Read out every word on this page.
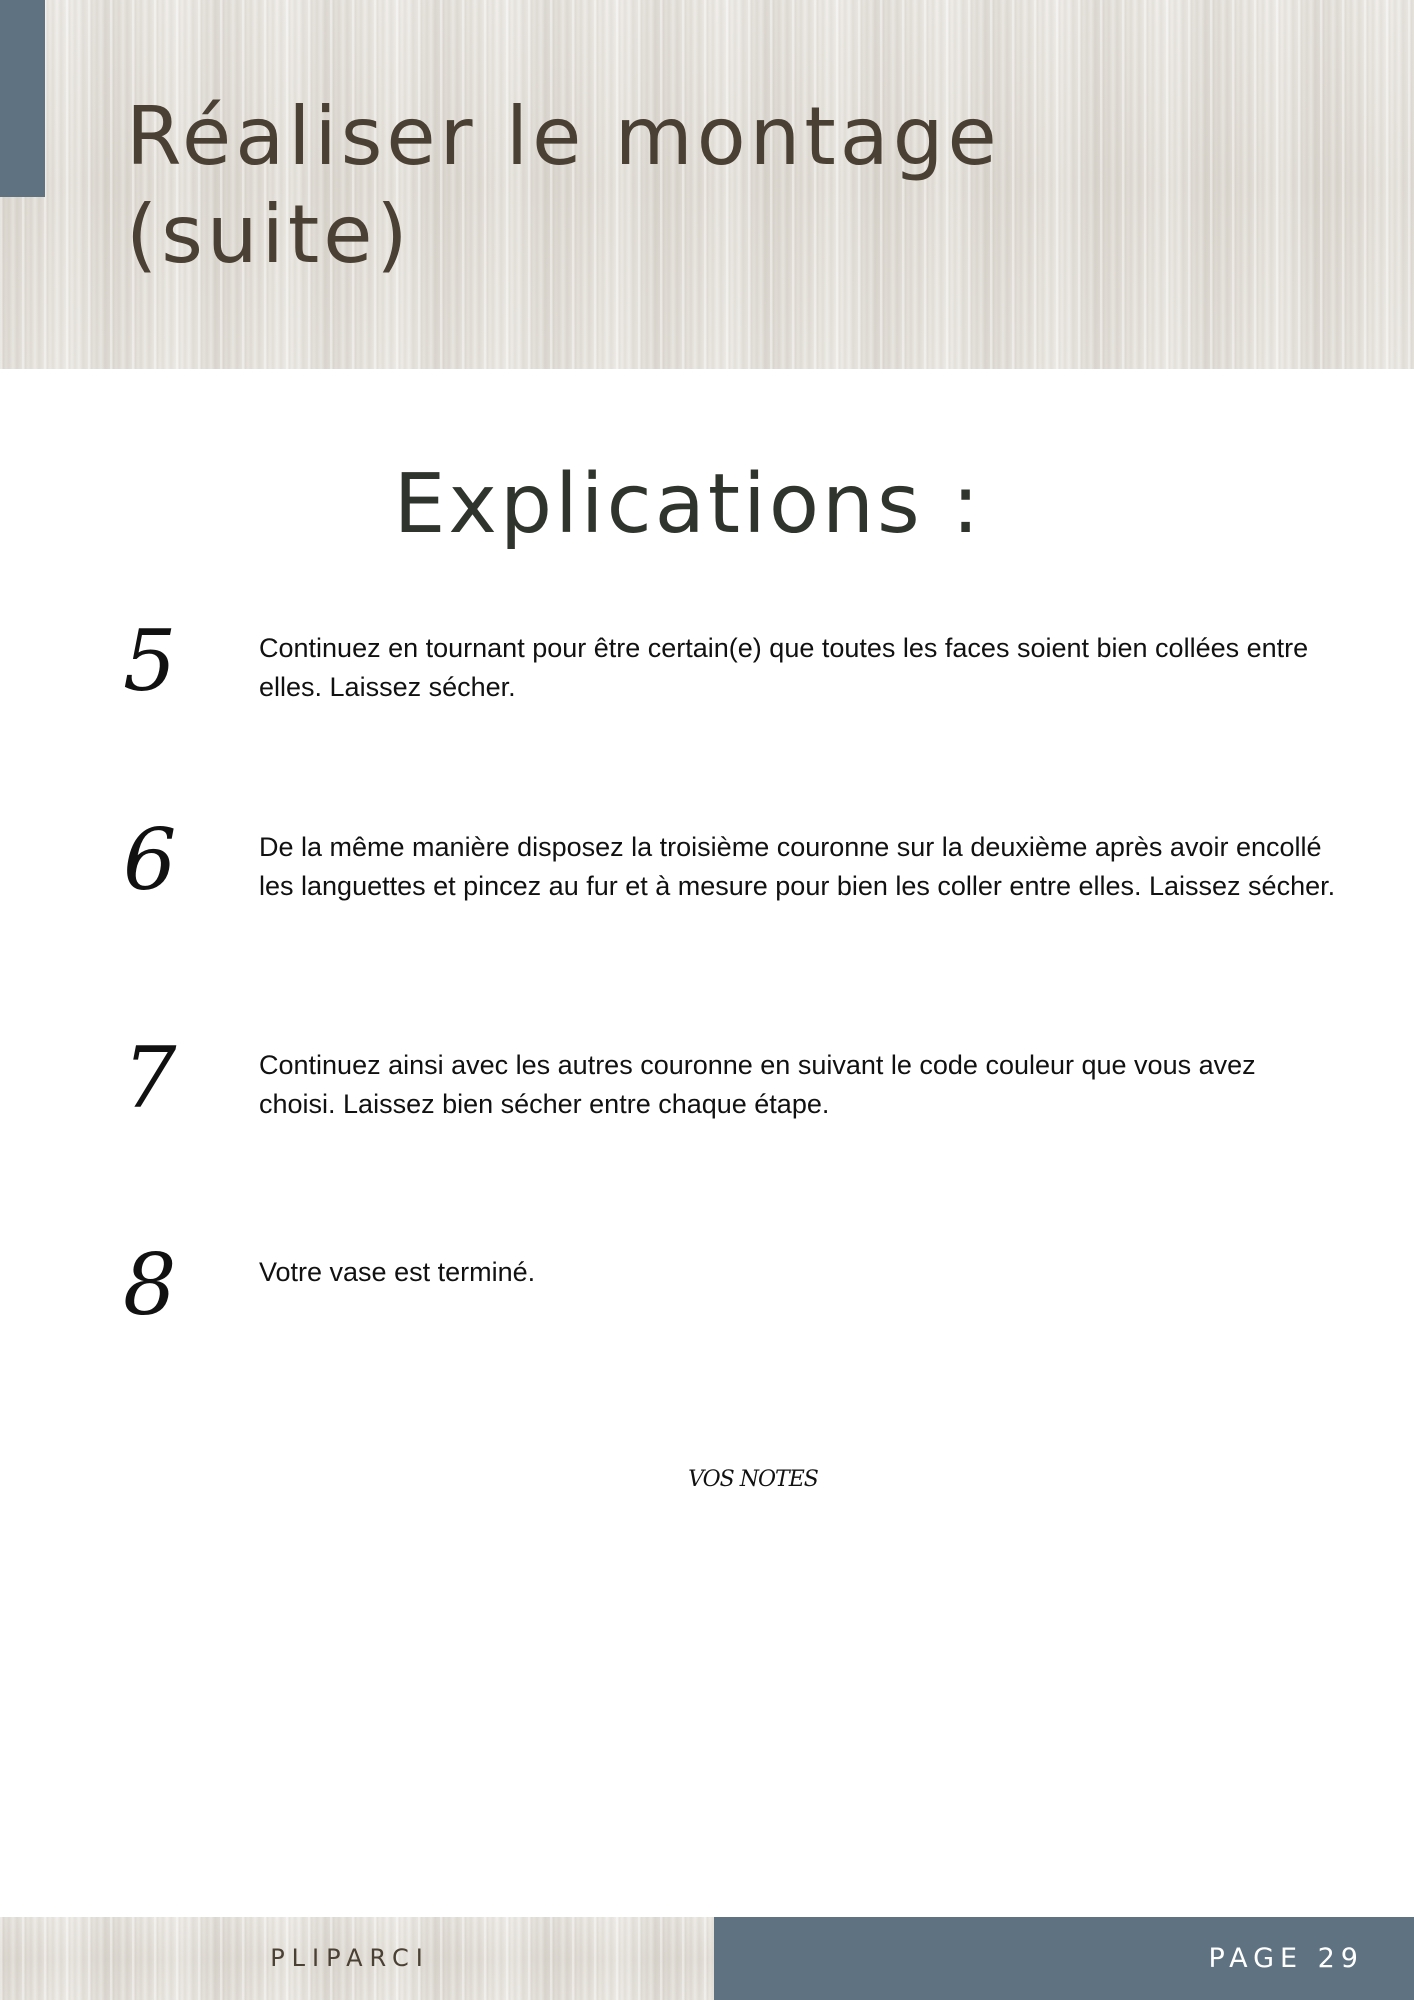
Réaliser le montage
(suite)
Explications :
5	Continuez en tournant pour être certain(e) que toutes les faces soient bien collées entre elles. Laissez sécher.

6	De la même manière disposez la troisième couronne sur la deuxième après avoir encollé les languettes et pincez au fur et à mesure pour bien les coller entre elles. Laissez sécher.

7	Continuez ainsi avec les autres couronne en suivant le code couleur que vous avez choisi. Laissez bien sécher entre chaque étape.

8	Votre vase est terminé.

VOS NOTES
PLIPARCI	PAGE 29
